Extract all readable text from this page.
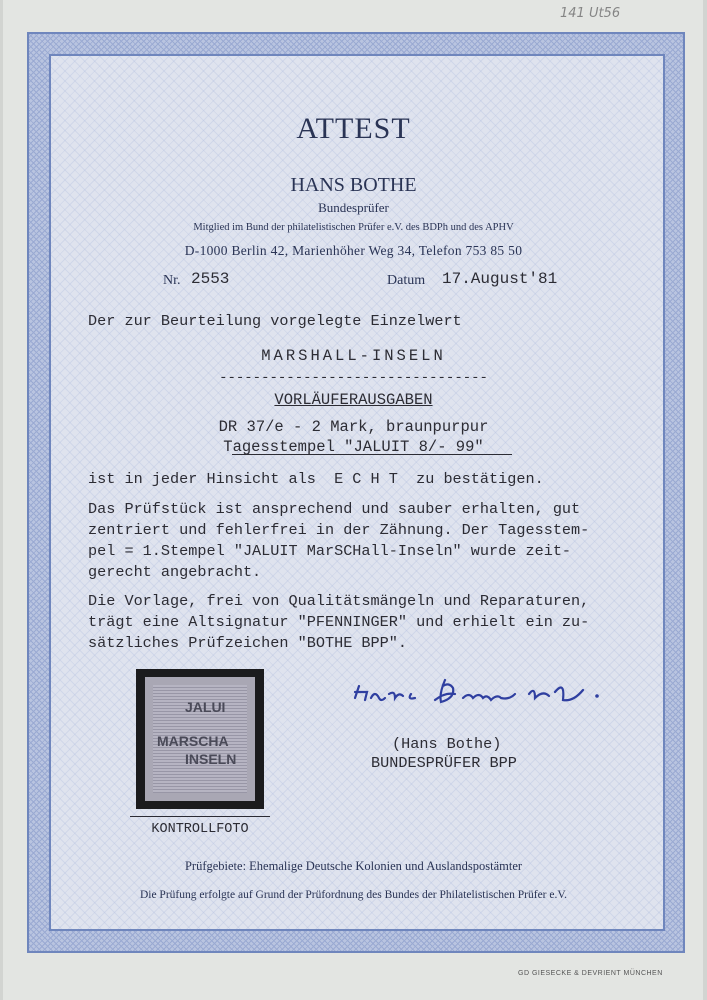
141 Ut56
ATTEST
HANS BOTHE
Bundesprüfer
Mitglied im Bund der philatelistischen Prüfer e.V. des BDPh und des APHV
D-1000 Berlin 42, Marienhöher Weg 34, Telefon 753 85 50
Nr. 2553	Datum 17.August'81
Der zur Beurteilung vorgelegte Einzelwert
MARSHALL-INSELN
--------------------------------
VORLÄUFERAUSGABEN
DR 37/e - 2 Mark, braunpurpur
Tagesstempel "JALUIT 8/- 99"
ist in jeder Hinsicht als  E C H T  zu bestätigen.
Das Prüfstück ist ansprechend und sauber erhalten, gut
zentriert und fehlerfrei in der Zähnung. Der Tagesstem-
pel = 1.Stempel "JALUIT MarSCHall-Inseln" wurde zeit-
gerecht angebracht.
Die Vorlage, frei von Qualitätsmängeln und Reparaturen,
trägt eine Altsignatur "PFENNINGER" und erhielt ein zu-
sätzliches Prüfzeichen "BOTHE BPP".
JALUI
MARSCHA
INSELN
KONTROLLFOTO
(Hans Bothe)
BUNDESPRÜFER BPP
Prüfgebiete: Ehemalige Deutsche Kolonien und Auslandspostämter
Die Prüfung erfolgte auf Grund der Prüfordnung des Bundes der Philatelistischen Prüfer e.V.
GD GIESECKE & DEVRIENT MÜNCHEN
